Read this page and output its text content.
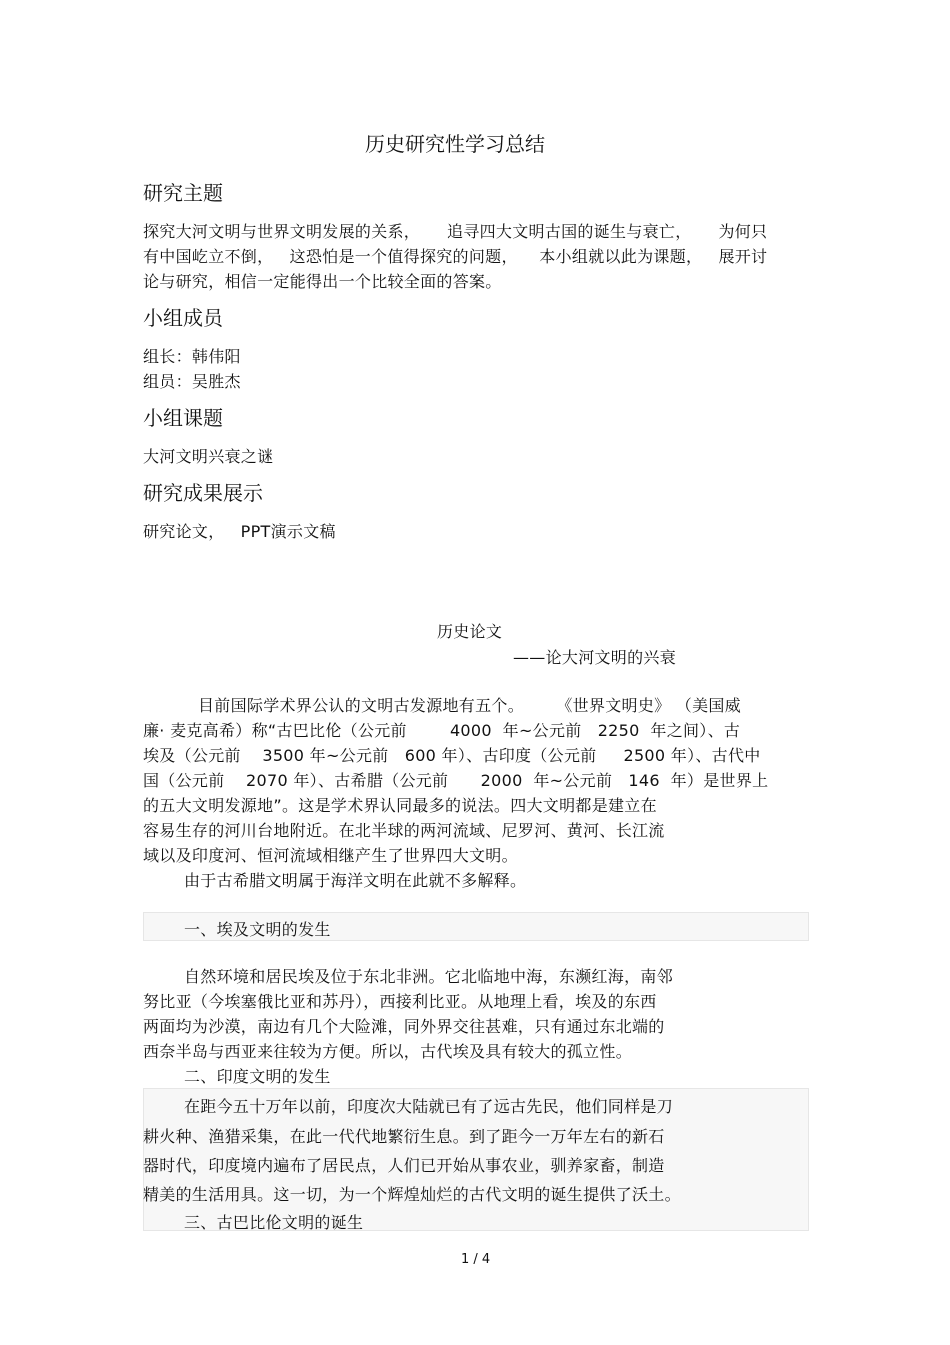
历史研究性学习总结
研究主题
探究大河文明与世界文明发展的关系，     追寻四大文明古国的诞生与衰亡，     为何只
有中国屹立不倒，   这恐怕是一个值得探究的问题，    本小组就以此为课题，   展开讨
论与研究，相信一定能得出一个比较全面的答案。
小组成员
组长：韩伟阳
组员：吴胜杰
小组课题
大河文明兴衰之谜
研究成果展示
研究论文，   PPT演示文稿
历史论文
——论大河文明的兴衰
目前国际学术界公认的文明古发源地有五个。      《世界文明史》 （美国威
廉· 麦克高希）称“古巴比伦（公元前        4000  年~公元前   2250  年之间）、古
埃及（公元前    3500 年~公元前   600 年）、古印度（公元前     2500 年）、古代中
国（公元前    2070 年）、古希腊（公元前      2000  年~公元前   146  年）是世界上
的五大文明发源地”。这是学术界认同最多的说法。四大文明都是建立在
容易生存的河川台地附近。在北半球的两河流域、尼罗河、黄河、长江流
域以及印度河、恒河流域相继产生了世界四大文明。
由于古希腊文明属于海洋文明在此就不多解释。
一、埃及文明的发生
自然环境和居民埃及位于东北非洲。它北临地中海，东濒红海，南邻
努比亚（今埃塞俄比亚和苏丹），西接利比亚。从地理上看，埃及的东西
两面均为沙漠，南边有几个大险滩，同外界交往甚难，只有通过东北端的
西奈半岛与西亚来往较为方便。所以，古代埃及具有较大的孤立性。
二、印度文明的发生
在距今五十万年以前，印度次大陆就已有了远古先民，他们同样是刀
耕火种、渔猎采集，在此一代代地繁衍生息。到了距今一万年左右的新石
器时代，印度境内遍布了居民点，人们已开始从事农业，驯养家畜，制造
精美的生活用具。这一切，为一个辉煌灿烂的古代文明的诞生提供了沃土。
三、古巴比伦文明的诞生
1 / 4
